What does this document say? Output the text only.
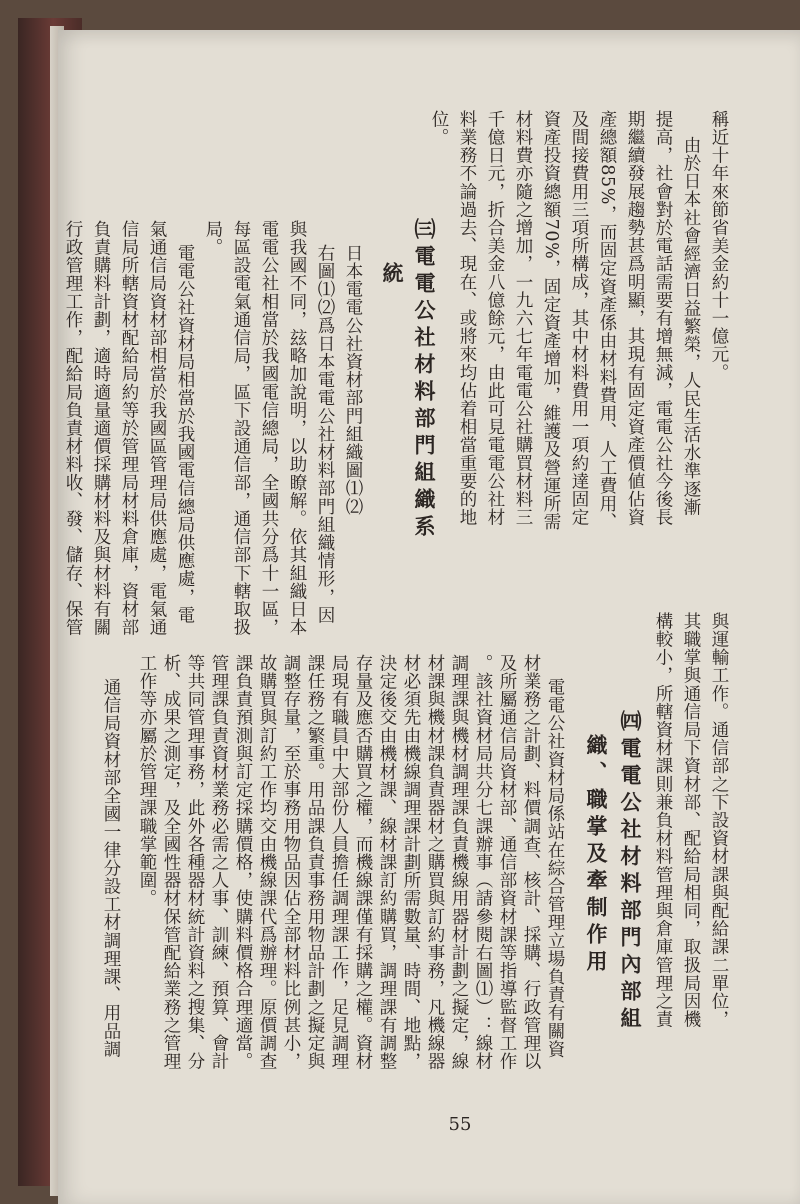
稱近十年來節省美金約十一億元。
由於日本社會經濟日益繁榮，人民生活水準逐漸
提高，社會對於電話需要有增無減，電電公社今後長
期繼續發展趨勢甚爲明顯，其現有固定資產價値佔資
產總額85%，而固定資產係由材料費用、人工費用、
及間接費用三項所構成，其中材料費用一項約達固定
資產投資總額70%，固定資產增加，維護及營運所需
材料費亦隨之增加，一九六七年電電公社購買材料三
千億日元，折合美金八億餘元，由此可見電電公社材
料業務不論過去、現在、或將來均佔着相當重要的地
位。
㈢電電公社材料部門組織系
統
日本電電公社資材部門組織圖⑴⑵
右圖⑴⑵爲日本電電公社材料部門組織情形，因
與我國不同，玆略加說明，以助瞭解。依其組織日本
電電公社相當於我國電信總局，全國共分爲十一區，
每區設電氣通信局，區下設通信部，通信部下轄取扱
局。
電電公社資材局相當於我國電信總局供應處，電
氣通信局資材部相當於我國區管理局供應處，電氣通
信局所轄資材配給局約等於管理局材料倉庫，資材部
負責購料計劃，適時適量適價採購材料及與材料有關
行政管理工作，配給局負責材料收、發、儲存、保管
與運輸工作。通信部之下設資材課與配給課二單位，
其職掌與通信局下資材部、配給局相同，取扱局因機
構較小，所轄資材課則兼負材料管理與倉庫管理之責
㈣電電公社材料部門內部組
織、職掌及牽制作用
電電公社資材局係站在綜合管理立場負責有關資
材業務之計劃、料價調查、核計、採購、行政管理以
及所屬通信局資材部、通信部資材課等指導監督工作
。該社資材局共分七課辦事（請參閱右圖⑴）：線材
調理課與機材調理課負責機線用器材計劃之擬定，線
材課與機材課負責器材之購買與訂約事務，凡機線器
材必須先由機線調理課計劃所需數量、時間、地點，
決定後交由機材課、線材課訂約購買，調理課有調整
存量及應否購買之權，而機線課僅有採購之權。資材
局現有職員中大部份人員擔任調理課工作，足見調理
課任務之繁重。用品課負責事務用物品計劃之擬定與
調整存量，至於事務用物品因佔全部材料比例甚小，
故購買與訂約工作均交由機線課代爲辦理。原價調查
課負責預測與訂定採購價格，使購料價格合理適當。
管理課負責資材業務必需之人事、訓練、預算、會計
等共同管理事務，此外各種器材統計資料之搜集、分
析、成果之測定，及全國性器材保管配給業務之管理
工作等亦屬於管理課職掌範圍。
通信局資材部全國一律分設工材調理課、用品調
55
